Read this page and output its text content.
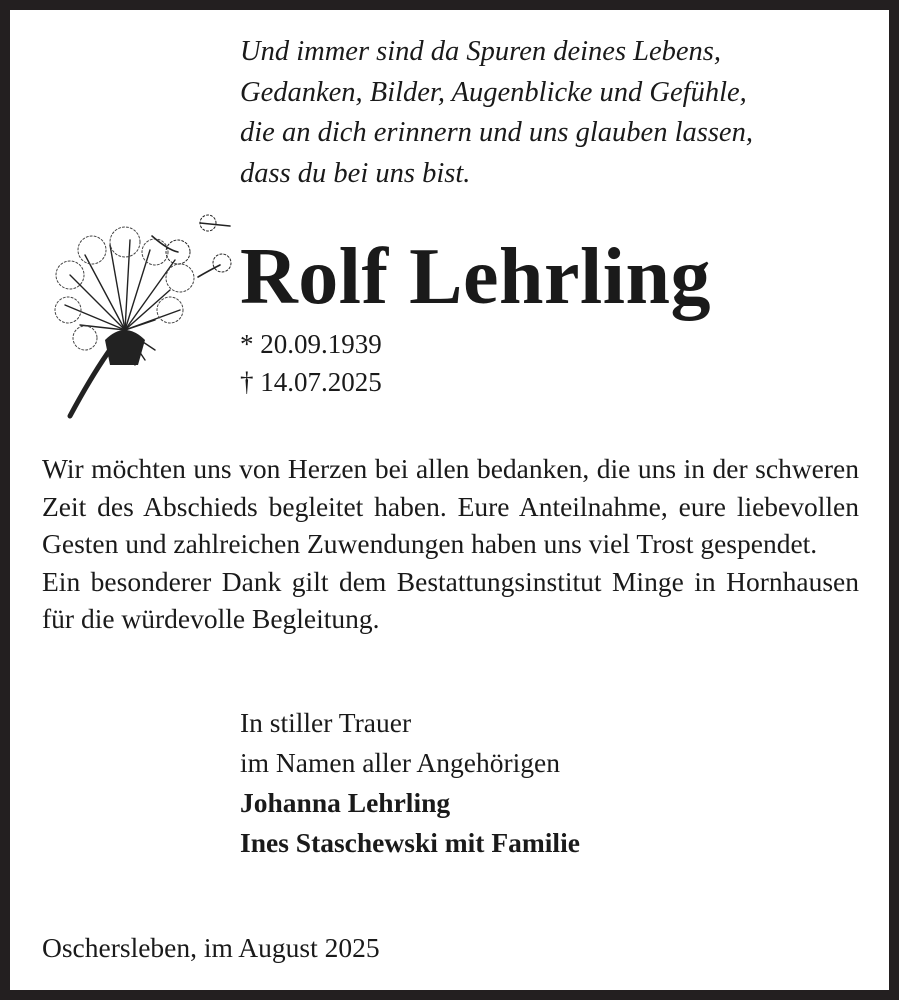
Und immer sind da Spuren deines Lebens,
Gedanken, Bilder, Augenblicke und Gefühle,
die an dich erinnern und uns glauben lassen,
dass du bei uns bist.
Rolf Lehrling
* 20.09.1939
† 14.07.2025

Wir möchten uns von Herzen bei allen bedanken, die uns in der schweren Zeit des Abschieds begleitet haben. Eure Anteilnahme, eure liebevollen Gesten und zahlreichen Zuwendungen haben uns viel Trost gespendet.

Ein besonderer Dank gilt dem Bestattungsinstitut Minge in Hornhausen für die würdevolle Begleitung.

In stiller Trauer
im Namen aller Angehörigen
Johanna Lehrling
Ines Staschewski mit Familie
Oschersleben, im August 2025
